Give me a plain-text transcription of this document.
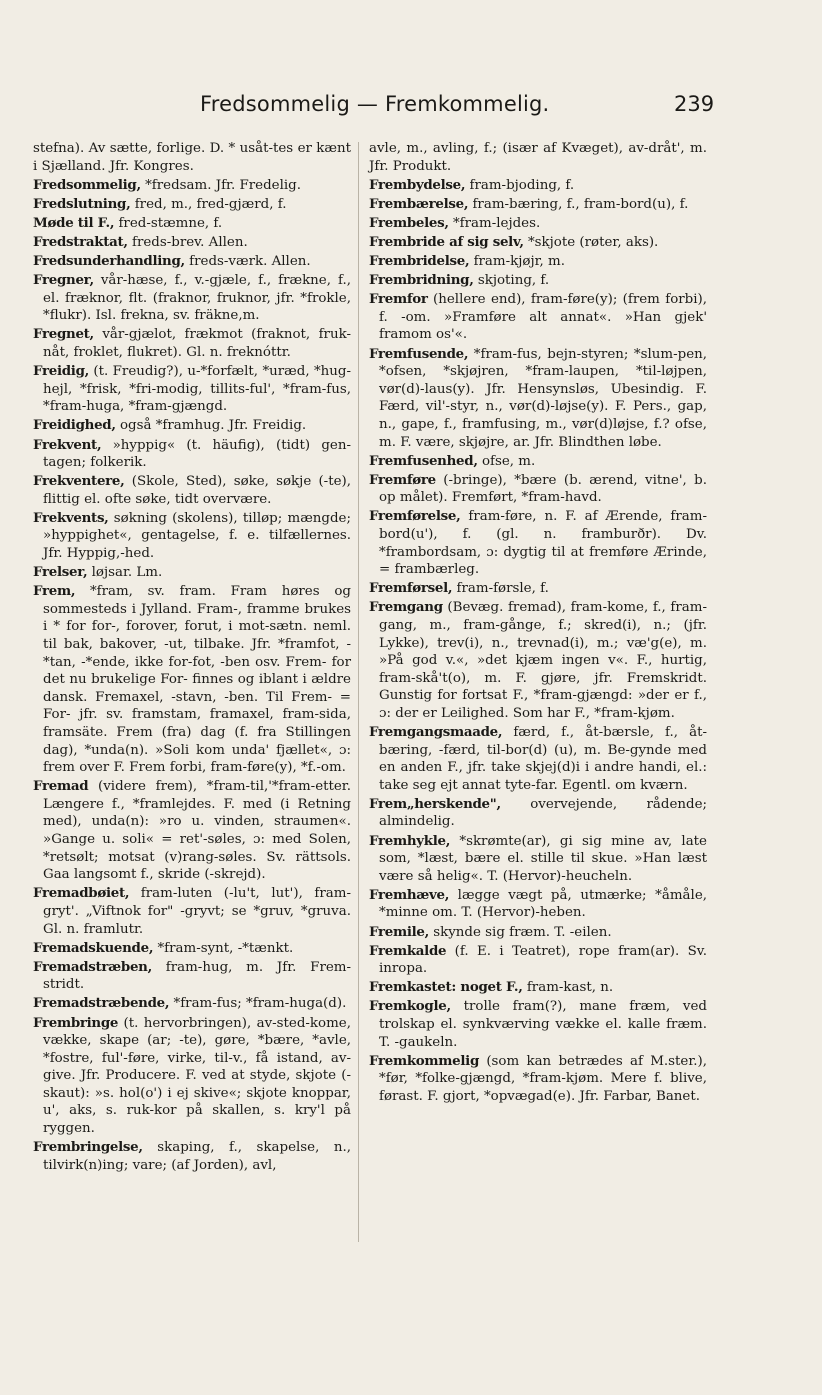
Fredsommelig — Fremkommelig.	239
stefna). Av sætte, forlige. D. * usåt-tes er kænt i Sjælland. Jfr. Kongres.
Fredsommelig, *fredsam. Jfr. Fredelig.
Fredslutning, fred, m., fred-gjærd, f.
Møde til F., fred-stæmne, f.
Fredstraktat, freds-brev. Allen.
Fredsunderhandling, freds-værk. Allen.
Fregner, vår-hæse, f., v.-gjæle, f., frækne, f., el. fræknor, flt. (fraknor, fruknor, jfr. *frokle, *flukr). Isl. frekna, sv. fräkne,m.
Fregnet, vår-gjælot, frækmot (fraknot, fruk-nåt, froklet, flukret). Gl. n. freknóttr.
Freidig, (t. Freudig?), u-*forfælt, *uræd, *hug-hejl, *frisk, *fri-modig, tillits-ful', *fram-fus, *fram-huga, *fram-gjængd.
Freidighed, også *framhug. Jfr. Freidig.
Frekvent, »hyppig« (t. häufig), (tidt) gen-tagen; folkerik.
Frekventere, (Skole, Sted), søke, søkje (-te), flittig el. ofte søke, tidt overvære.
Frekvents, søkning (skolens), tilløp; mængde; »hyppighet«, gentagelse, f. e. tilfællernes. Jfr. Hyppig,-hed.
Frelser, løjsar. Lm.
Frem, *fram, sv. fram. Fram høres og sommesteds i Jylland. Fram-, framme brukes i * for for-, forover, forut, i mot-sætn. neml. til bak, bakover, -ut, tilbake. Jfr. *framfot, -*tan, -*ende, ikke for-fot, -ben osv. Frem- for det nu brukelige For- finnes og iblant i ældre dansk. Fremaxel, -stavn, -ben. Til Frem- = For- jfr. sv. framstam, framaxel, fram-sida, framsäte. Frem (fra) dag (f. fra Stillingen dag), *unda(n). »Soli kom unda' fjællet«, ɔ: frem over F. Frem forbi, fram-føre(y), *f.-om.
Fremad (videre frem), *fram-til,'*fram-etter. Længere f., *framlejdes. F. med (i Retning med), unda(n): »ro u. vinden, straumen«. »Gange u. soli« = ret'-søles, ɔ: med Solen, *retsølt; motsat (v)rang-søles. Sv. rättsols. Gaa langsomt f., skride (-skrejd).
Fremadbøiet, fram-luten (-lu't, lut'), fram-gryt'. „Viftnok for" -gryvt; se *gruv, *gruva. Gl. n. framlutr.
Fremadskuende, *fram-synt, -*tænkt.
Fremadstræben, fram-hug, m. Jfr. Frem-stridt.
Fremadstræbende, *fram-fus; *fram-huga(d).
Frembringe (t. hervorbringen), av-sted-kome, vække, skape (ar; -te), gøre, *bære, *avle, *fostre, ful'-føre, virke, til-v., få istand, av-give. Jfr. Producere. F. ved at styde, skjote (-skaut): »s. hol(o') i ej skive«; skjote knoppar, u', aks, s. ruk-kor på skallen, s. kry'l på ryggen.
Frembringelse, skaping, f., skapelse, n., tilvirk(n)ing; vare; (af Jorden), avl,
avle, m., avling, f.; (især af Kvæget), av-dråt', m. Jfr. Produkt.
Frembydelse, fram-bjoding, f.
Frembærelse, fram-bæring, f., fram-bord(u), f.
Frembeles, *fram-lejdes.
Frembride af sig selv, *skjote (røter, aks).
Frembridelse, fram-kjøjr, m.
Frembridning, skjoting, f.
Fremfor (hellere end), fram-føre(y); (frem forbi), f. -om. »Framføre alt annat«. »Han gjek' framom os'«.
Fremfusende, *fram-fus, bejn-styren; *slum-pen, *ofsen, *skjøjren, *fram-laupen, *til-løjpen, vør(d)-laus(y). Jfr. Hensynsløs, Ubesindig. F. Færd, vil'-styr, n., vør(d)-løjse(y). F. Pers., gap, n., gape, f., framfusing, m., vør(d)løjse, f.? ofse, m. F. være, skjøjre, ar. Jfr. Blindthen løbe.
Fremfusenhed, ofse, m.
Fremføre (-bringe), *bære (b. ærend, vitne', b. op målet). Fremført, *fram-havd.
Fremførelse, fram-føre, n. F. af Ærende, fram-bord(u'), f. (gl. n. framburðr). Dv. *frambordsam, ɔ: dygtig til at fremføre Ærinde, = frambærleg.
Fremførsel, fram-førsle, f.
Fremgang (Bevæg. fremad), fram-kome, f., fram-gang, m., fram-gånge, f.; skred(i), n.; (jfr. Lykke), trev(i), n., trevnad(i), m.; væ'g(e), m. »På god v.«, »det kjæm ingen v«. F., hurtig, fram-skå't(o), m. F. gjøre, jfr. Fremskridt. Gunstig for fortsat F., *fram-gjængd: »der er f., ɔ: der er Leilighed. Som har F., *fram-kjøm.
Fremgangsmaade, færd, f., åt-bærsle, f., åt-bæring, -færd, til-bor(d) (u), m. Be-gynde med en anden F., jfr. take skjej(d)i i andre handi, el.: take seg ejt annat tyte-far. Egentl. om kværn.
Frem„herskende", overvejende, rådende; almindelig.
Fremhykle, *skrømte(ar), gi sig mine av, late som, *læst, bære el. stille til skue. »Han læst være så helig«. T. (Hervor)-heucheln.
Fremhæve, lægge vægt på, utmærke; *åmåle, *minne om. T. (Hervor)-heben.
Fremile, skynde sig fræm. T. -eilen.
Fremkalde (f. E. i Teatret), rope fram(ar). Sv. inropa.
Fremkastet: noget F., fram-kast, n.
Fremkogle, trolle fram(?), mane fræm, ved trolskap el. synkværving vække el. kalle fræm. T. -gaukeln.
Fremkommelig (som kan betrædes af M.ster.), *før, *folke-gjængd, *fram-kjøm. Mere f. blive, førast. F. gjort, *opvægad(e). Jfr. Farbar, Banet.
